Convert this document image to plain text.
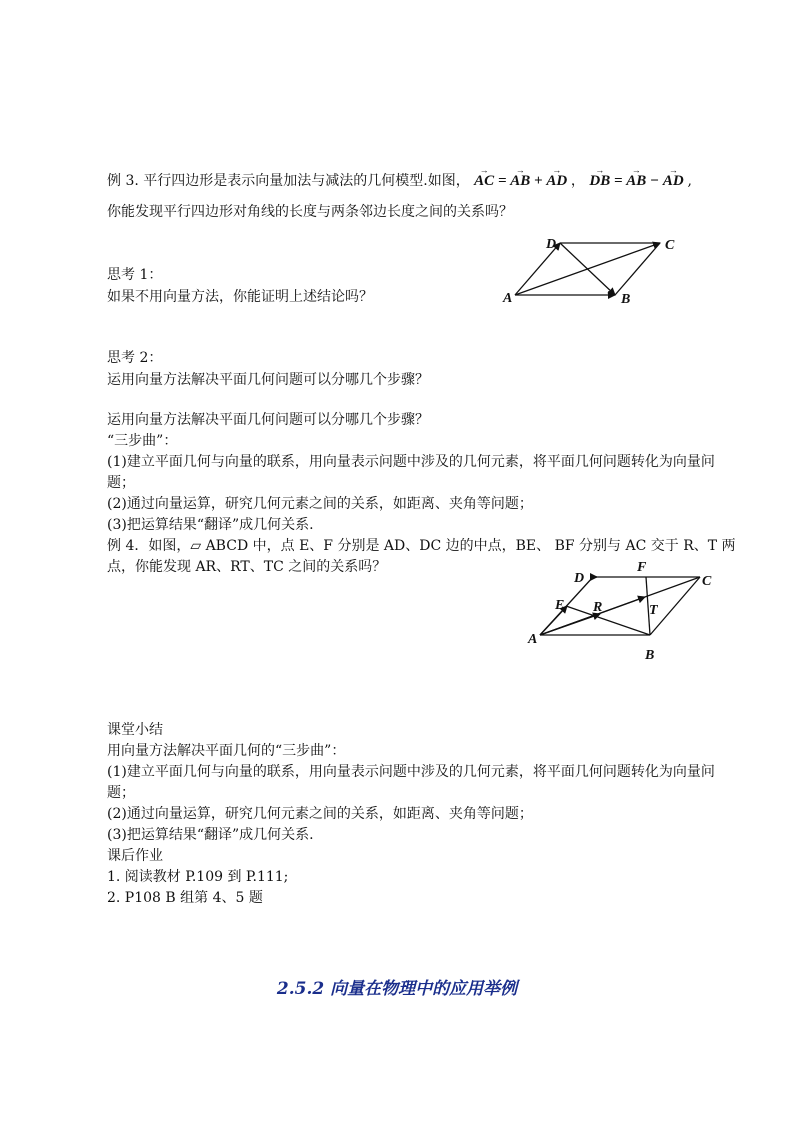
例 3. 平行四边形是表示向量加法与减法的几何模型.如图， AC → = AB → + AD → ， DB → = AB → − AD → ,
你能发现平行四边形对角线的长度与两条邻边长度之间的关系吗？
A	B
C
D
思考 1：
如果不用向量方法，你能证明上述结论吗？
思考 2：
运用向量方法解决平面几何问题可以分哪几个步骤？
运用向量方法解决平面几何问题可以分哪几个步骤？
“三步曲”：
(1)建立平面几何与向量的联系，用向量表示问题中涉及的几何元素，将平面几何问题转化为向量问
题；
(2)通过向量运算，研究几何元素之间的关系，如距离、夹角等问题；
(3)把运算结果“翻译”成几何关系.
例 4．如图，▱ ABCD 中，点 E、F 分别是 AD、DC 边的中点，BE、 BF 分别与 AC 交于 R、T 两
点，你能发现 AR、RT、TC 之间的关系吗？
A
B
C
D
E
F
R	T
课堂小结
用向量方法解决平面几何的“三步曲”：
(1)建立平面几何与向量的联系，用向量表示问题中涉及的几何元素，将平面几何问题转化为向量问
题；
(2)通过向量运算，研究几何元素之间的关系，如距离、夹角等问题；
(3)把运算结果“翻译”成几何关系.
课后作业
1. 阅读教材 P.109 到 P.111;
2. P108 B 组第 4、5 题
2.5.2 向量在物理中的应用举例
